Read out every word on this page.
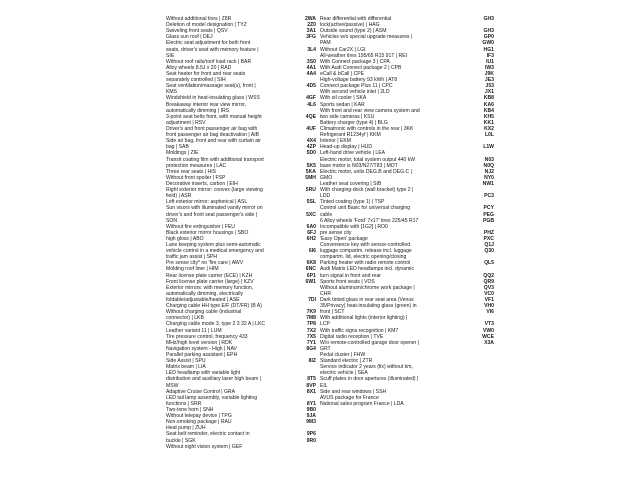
Without additional tires | Z8R
Deletion of model designation | TYZ
Swiveling front seats | QSV
Glass sun roof | DEJ
Electric seat adjustment for both front
seats, driver's seat with memory feature |
SIE
Without roof rails/roof load rack | BAR
Alloy wheels 8.5J x 20 | RAD
Seat heater for front and rear seats
separately controlled | SIH
Seat ventilation/massage seat(s), front |
KMS
Windshield in heat-insulating glass | WSS
Breakaway interior rear view mirror,
automatically dimming | IRS
3-point seat belts front, with manual height
adjustment | RSV
Driver's and front passenger air bag with
front passenger air bag deactivation | AIB
Side air bag, front and rear with curtain air
bag | SAB
Moldings | ZIE
Transit coating film with additional transport
protection measures | LAC
Three rear seats | HIS
Without front spoiler | FSP
Decorative inserts, carbon | EIH
Right exterior mirror: convex (large viewing
field) | ASR
Left exterior mirror: aspherical | ASL
Sun visors with illuminated vanity mirror on
driver's and front seat passenger's side |
SON
Without fire extinguisher | FEU
Black exterior mirror housings | SBO
high gloss | ABO
Lane keeping system plus semi-automatic
vehicle control in a medical emergency and
traffic jam assist | SPH
Pre sense city* no 'fire care | AWV
Molding roof liner | HIM
Rear license plate carrier (ECE) | KZH
Front license plate carrier (large) | KZV
Exterior mirrors: with memory function,
automatically dimming, electrically
foldable/adjustable/heated | ASE
Charging cable HH type E/F (DT/FR) (B A)
Without charging cable (industrial
connector) | LKB
Charging cable mode 3, type 2 3 32 A | LKC
Leather variant 11 | LUM
Tire pressure control, frequency 433
MHz/high level version | RDK
Navigation system - High | NAV
Parallel parking assistant | EPH
Side Assist | SPU
Matrix beam | LIA
LED headlamp with variable light
distribution and auxiliary laser high beam |
MSW
Adaptive Cruise Control | GRA
LED tail lamp assembly, variable lighting
functions | SRR
Two-tone horn | SNH
Without telepay device | TPG
Non-smoking package | RAU
Heat pump | ZUH
Seat belt reminder, electric contact in
buckle | SGK
Without night vision system | GEF
2WA
2Z0
3A1
3FG
3L4
3S0
4A1
4A4
4D5
4GF
4L6
4QE
4UF
4X4
4ZP
5D0
5K5
5KA
5MH
5RU
5SL
5XC
6A0
6FJ
6H2
6I6
6K8
6NC
6P1
6W1
7DI
7K9
7M8
7P8
7X2
7X5
7Y1
8G4
8IZ
8T5
8VP
8X1
8Y1
9B0
9JA
9M3
9P6
9R0
Rear differential with differential
lock(active/passive) | HAG
Outside sound (type 2) | ASM
Vehicles w/o special upgrade measures |
PAM
Without Car2X | LGI
All-weather tires 195/65 R15 91T | REI
With Connect package 3 | CPA
With Audi Connect package 2 | CPB
eCall & bCall | CPE
High-voltage battery 93 kWh | AT8
Connect package Plus 11 | CPC
With second vehicle inlet | 2LD
With oil cooler | SKA
Sports sedan | KAR
With front and rear view camera system and
two side cameras | KSU
Battery charger (type 4) | BLG
Climatronic with controls in the rear | 3KK
Refrigerant R1234yf | KKM
Interior | EKM
Head-up display | HUD
Left-hand drive vehicle | LEA
Electric motor, total system output 440 kW
base motor is N03/N27/T83 | MOT
Electric motor, units DEG.B and DEG.C |
GMO
Leather seat covering | SIB
With charging-dock (wall bracket) type 2 |
LDD
Tinted coating (type 1) | TSP
Control unit Basic for universal charging
cable
6 Alloy wheels 'Ford' 7x17' tires 225/45 R17
Incompatible with [1G2] | RO0
pre sense city
'Easy Open' package
Convenience key with sensor-controlled
luggage compartm. release incl. luggage
compartm. lid, electric opening/closing
Parking heater with radio remote control
Audi Matrix LED headlamps incl. dynamic
turn signal in front and rear
Sports front seats | VOS
Without aluminum/chrome work package |
CHR
Dark tinted glass in rear seat area (Venus
35/Privacy) heat-insulating glass (green) in
front | SCT
With additional lights (interior lighting) |
LCP
With traffic signs recognition | KM7
Digital radio reception | TVE
W/o remote-controlled garage door opener |
GRT
Pedal cluster | FHW
Standard electric | ZTR
Service indicator 2 years (fix) without km,
electric vehicle | SEA
Scuff plates in door apertures (illuminated) |
EIL
Side and rear windows | SSH
AVUS package for France
National sales program France | LDA
GH3
GH3
GP0
GW0
HG1
IF3
IU1
IW3
J9K
JE3
J53
JX1
KB8
KA6
KB4
KH5
KK1
KX2
L0L
L1W
N03
N0Q
NJ2
NY0
NW1
PC3
PCY
PEG
PGB
PHZ
PXC
Q1J
Q30
QL5
QQ2
QR9
QV3
VC0
VF1
VH0
VI6
VT3
VW0
WCE
X3A
